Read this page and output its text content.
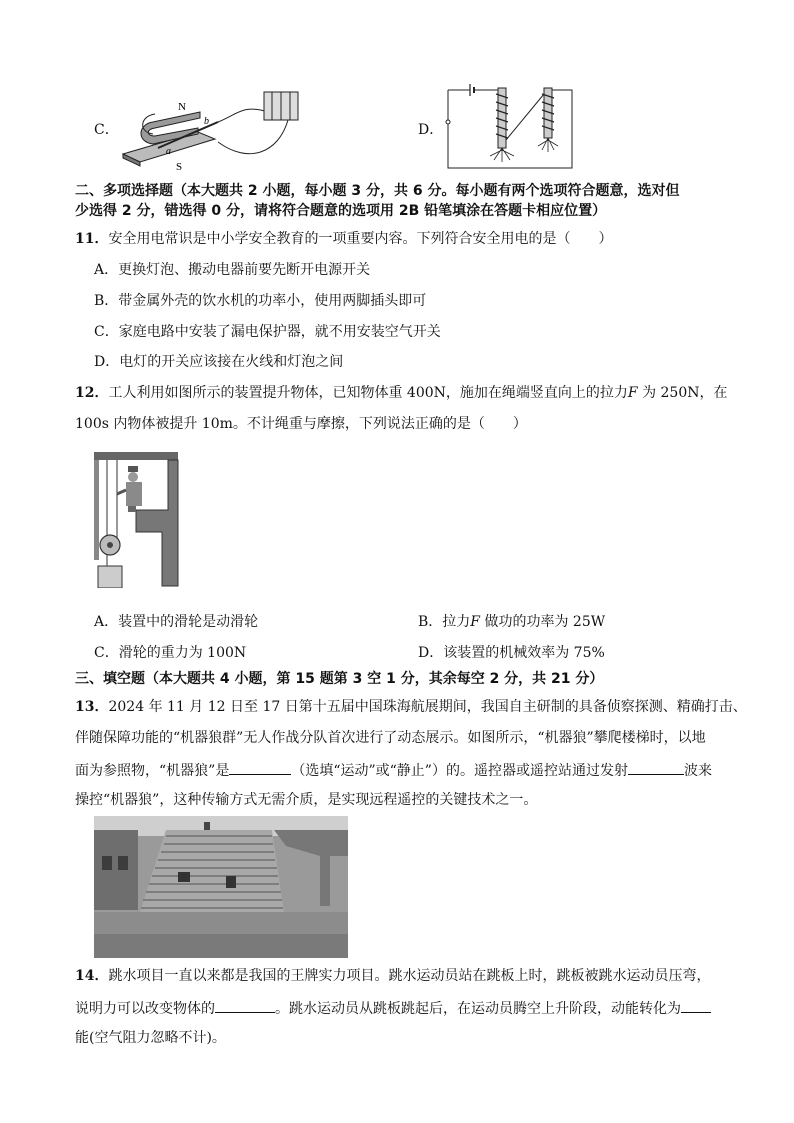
C．
a
b
N
S
D．
二、多项选择题（本大题共 2 小题，每小题 3 分，共 6 分。每小题有两个选项符合题意，选对但
少选得 2 分，错选得 0 分，请将符合题意的选项用 2B 铅笔填涂在答题卡相应位置）
11．安全用电常识是中小学安全教育的一项重要内容。下列符合安全用电的是（　　）
A．更换灯泡、搬动电器前要先断开电源开关
B．带金属外壳的饮水机的功率小，使用两脚插头即可
C．家庭电路中安装了漏电保护器，就不用安装空气开关
D．电灯的开关应该接在火线和灯泡之间
12．工人利用如图所示的装置提升物体，已知物体重 400N，施加在绳端竖直向上的拉力F 为 250N，在
100s 内物体被提升 10m。不计绳重与摩擦，下列说法正确的是（　　）
A．装置中的滑轮是动滑轮	B．拉力F 做功的功率为 25W
C．滑轮的重力为 100N	D．该装置的机械效率为 75%
三、填空题（本大题共 4 小题，第 15 题第 3 空 1 分，其余每空 2 分，共 21 分）
13．2024 年 11 月 12 日至 17 日第十五届中国珠海航展期间，我国自主研制的具备侦察探测、精确打击、
伴随保障功能的“机器狼群”无人作战分队首次进行了动态展示。如图所示，“机器狼”攀爬楼梯时，以地
面为参照物，“机器狼”是	（选填“运动”或“静止”）的。遥控器或遥控站通过发射	波来
操控“机器狼”，这种传输方式无需介质，是实现远程遥控的关键技术之一。
14．跳水项目一直以来都是我国的王牌实力项目。跳水运动员站在跳板上时，跳板被跳水运动员压弯，
说明力可以改变物体的	。跳水运动员从跳板跳起后，在运动员腾空上升阶段，动能转化为
能(空气阻力忽略不计)。
